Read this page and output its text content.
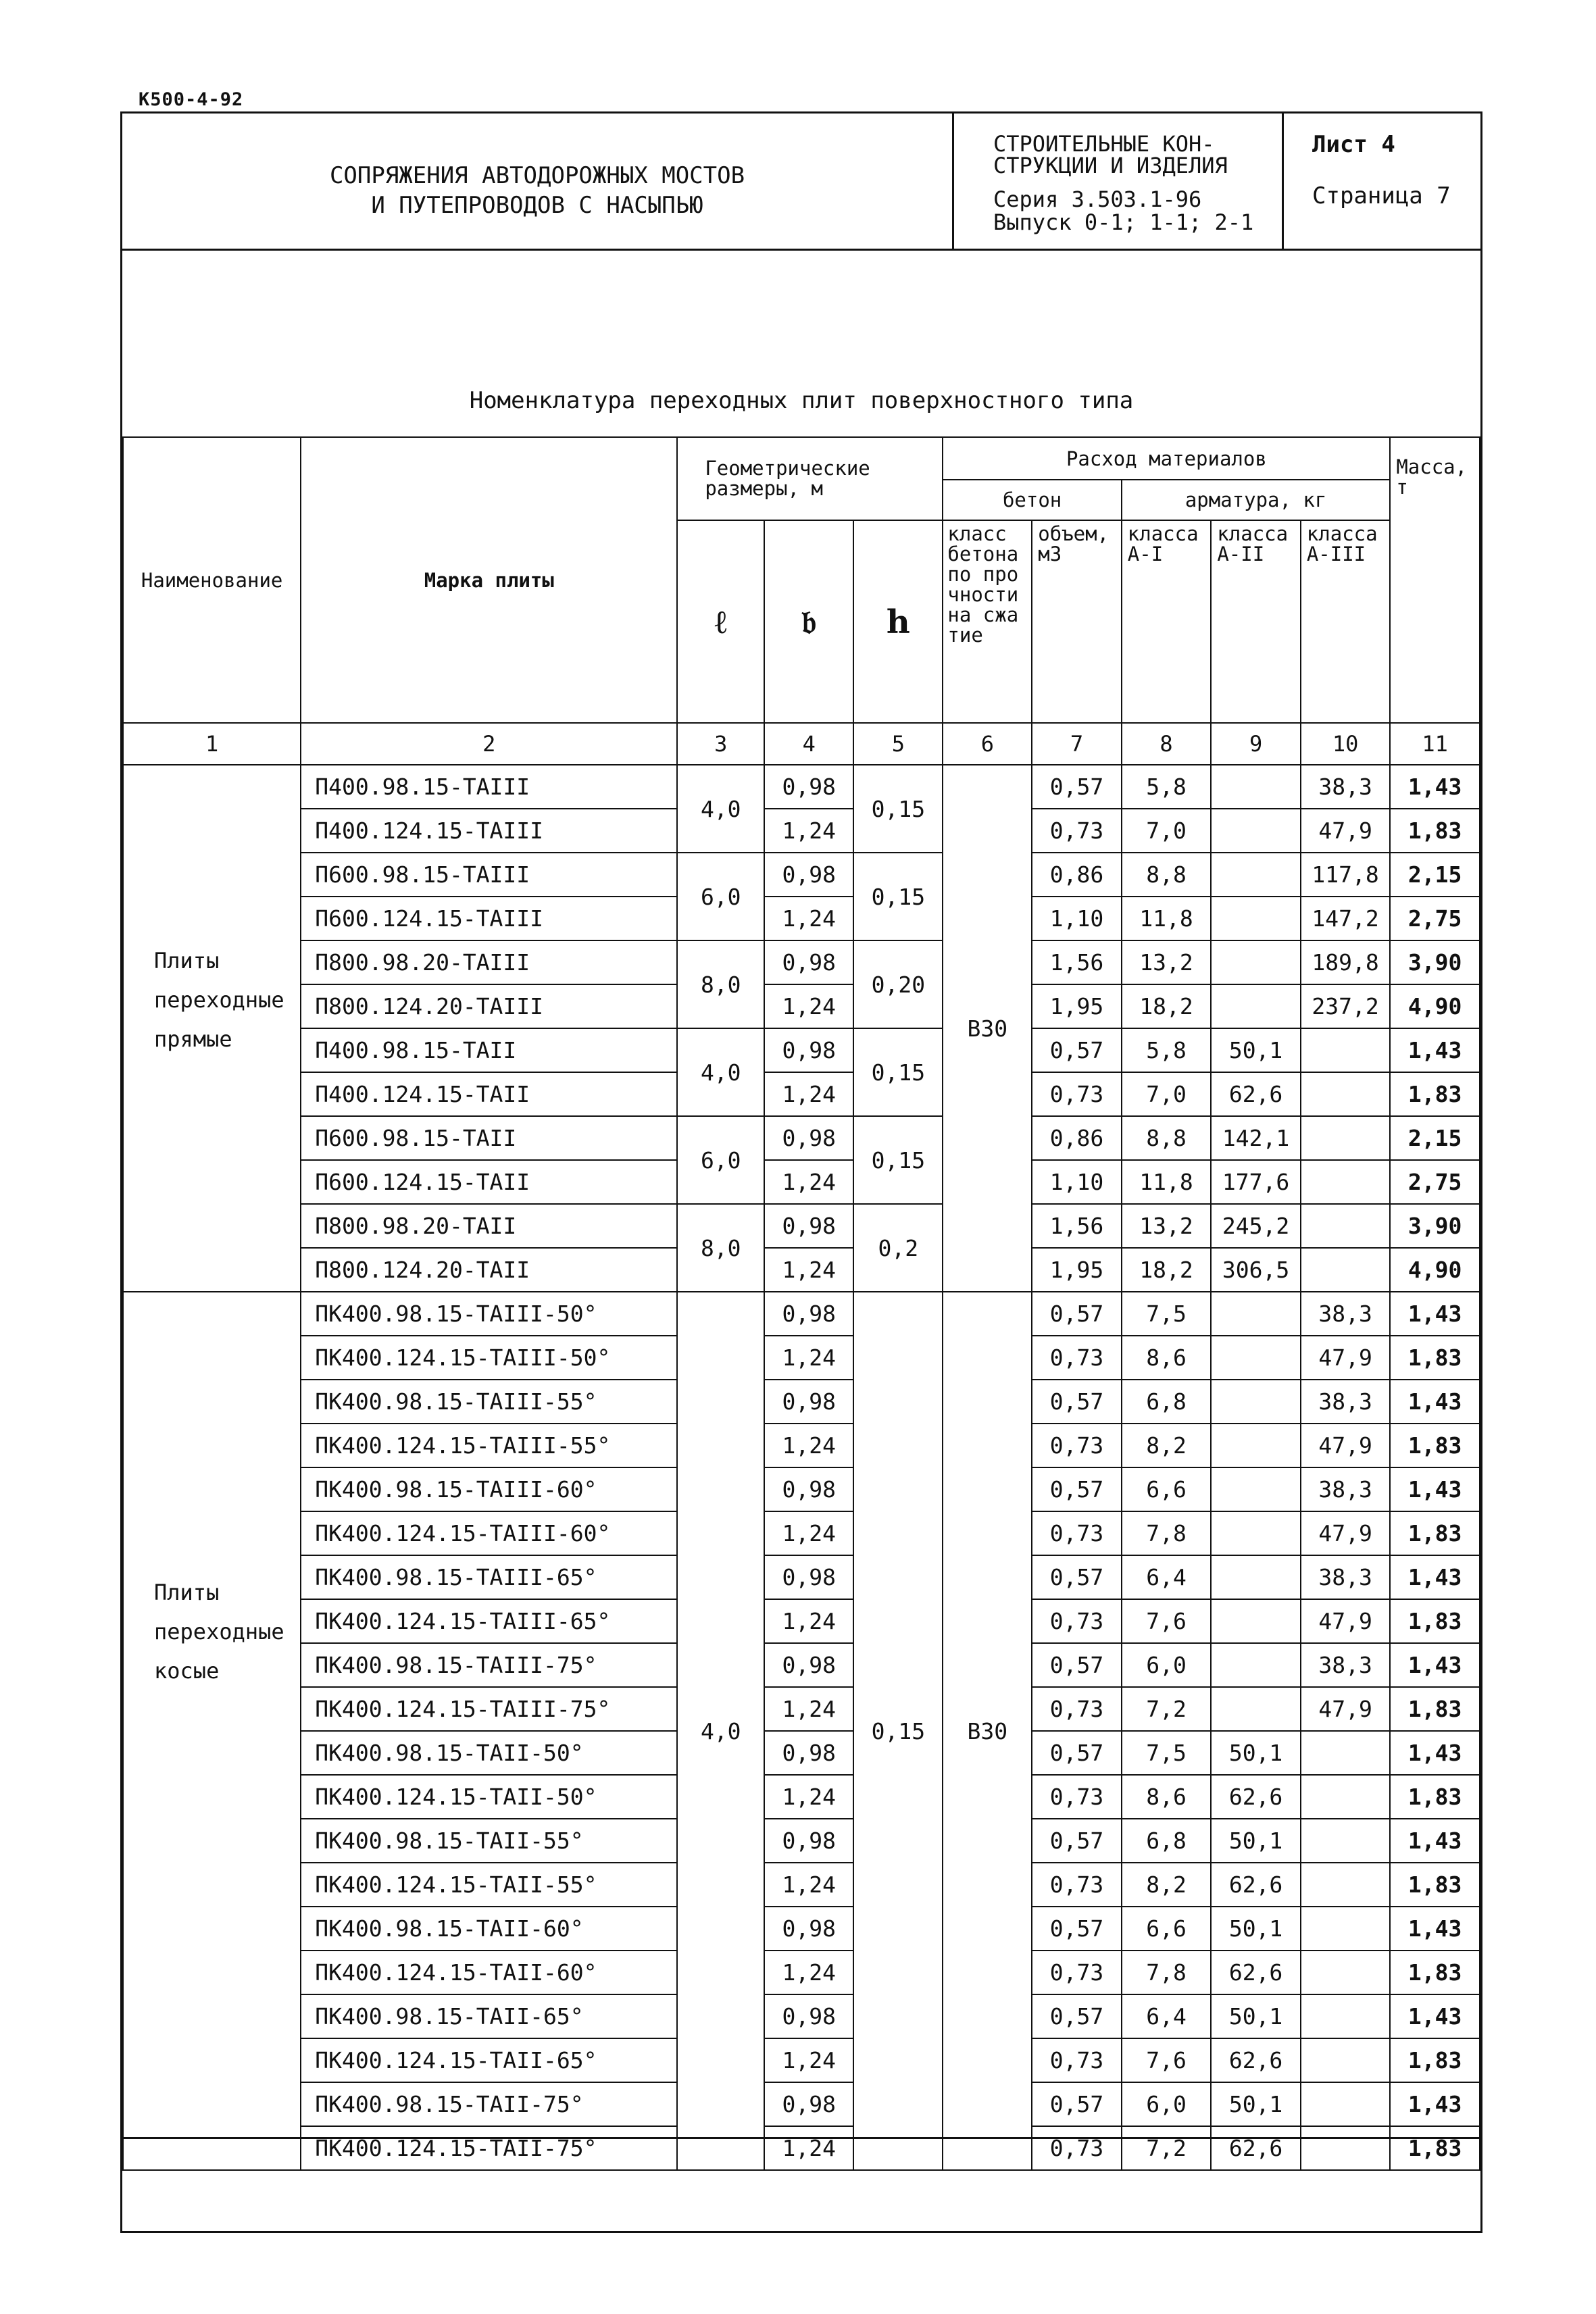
К500-4-92
СОПРЯЖЕНИЯ АВТОДОРОЖНЫХ МОСТОВ
И ПУТЕПРОВОДОВ С НАСЫПЬЮ
СТРОИТЕЛЬНЫЕ КОН-
СТРУКЦИИ И ИЗДЕЛИЯ
Серия 3.503.1-96
Выпуск 0-1; 1-1; 2-1
Лист 4
Страница 7
Номенклатура переходных плит поверхностного типа
Наименование	Марка плиты	Геометрические размеры, м			Расход материалов					Масса, т
					бетон		арматура, кг			
		ℓ	𝔟	h	класс бетона по прочности на сжатие	объем, м3	класса А-I	класса А-II	класса А-III	
1	2	3	4	5	6	7	8	9	10	11
Плиты переходные прямые	П400.98.15-ТАIII	4,0	0,98	0,15	В30	0,57	5,8		38,3	1,43
	П400.124.15-ТАIII		1,24			0,73	7,0		47,9	1,83
	П600.98.15-ТАIII	6,0	0,98	0,15		0,86	8,8		117,8	2,15
	П600.124.15-ТАIII		1,24			1,10	11,8		147,2	2,75
	П800.98.20-ТАIII	8,0	0,98	0,20		1,56	13,2		189,8	3,90
	П800.124.20-ТАIII		1,24			1,95	18,2		237,2	4,90
	П400.98.15-ТАII	4,0	0,98	0,15		0,57	5,8	50,1		1,43
	П400.124.15-ТАII		1,24			0,73	7,0	62,6		1,83
	П600.98.15-ТАII	6,0	0,98	0,15		0,86	8,8	142,1		2,15
	П600.124.15-ТАII		1,24			1,10	11,8	177,6		2,75
	П800.98.20-ТАII	8,0	0,98	0,2		1,56	13,2	245,2		3,90
	П800.124.20-ТАII		1,24			1,95	18,2	306,5		4,90
Плиты переходные косые	ПК400.98.15-ТАIII-50°	4,0	0,98	0,15	В30	0,57	7,5		38,3	1,43
	ПК400.124.15-ТАIII-50°		1,24			0,73	8,6		47,9	1,83
	ПК400.98.15-ТАIII-55°		0,98			0,57	6,8		38,3	1,43
	ПК400.124.15-ТАIII-55°		1,24			0,73	8,2		47,9	1,83
	ПК400.98.15-ТАIII-60°		0,98			0,57	6,6		38,3	1,43
	ПК400.124.15-ТАIII-60°		1,24			0,73	7,8		47,9	1,83
	ПК400.98.15-ТАIII-65°		0,98			0,57	6,4		38,3	1,43
	ПК400.124.15-ТАIII-65°		1,24			0,73	7,6		47,9	1,83
	ПК400.98.15-ТАIII-75°		0,98			0,57	6,0		38,3	1,43
	ПК400.124.15-ТАIII-75°		1,24			0,73	7,2		47,9	1,83
	ПК400.98.15-ТАII-50°		0,98			0,57	7,5	50,1		1,43
	ПК400.124.15-ТАII-50°		1,24			0,73	8,6	62,6		1,83
	ПК400.98.15-ТАII-55°		0,98			0,57	6,8	50,1		1,43
	ПК400.124.15-ТАII-55°		1,24			0,73	8,2	62,6		1,83
	ПК400.98.15-ТАII-60°		0,98			0,57	6,6	50,1		1,43
	ПК400.124.15-ТАII-60°		1,24			0,73	7,8	62,6		1,83
	ПК400.98.15-ТАII-65°		0,98			0,57	6,4	50,1		1,43
	ПК400.124.15-ТАII-65°		1,24			0,73	7,6	62,6		1,83
	ПК400.98.15-ТАII-75°		0,98			0,57	6,0	50,1		1,43
	ПК400.124.15-ТАII-75°		1,24			0,73	7,2	62,6		1,83
